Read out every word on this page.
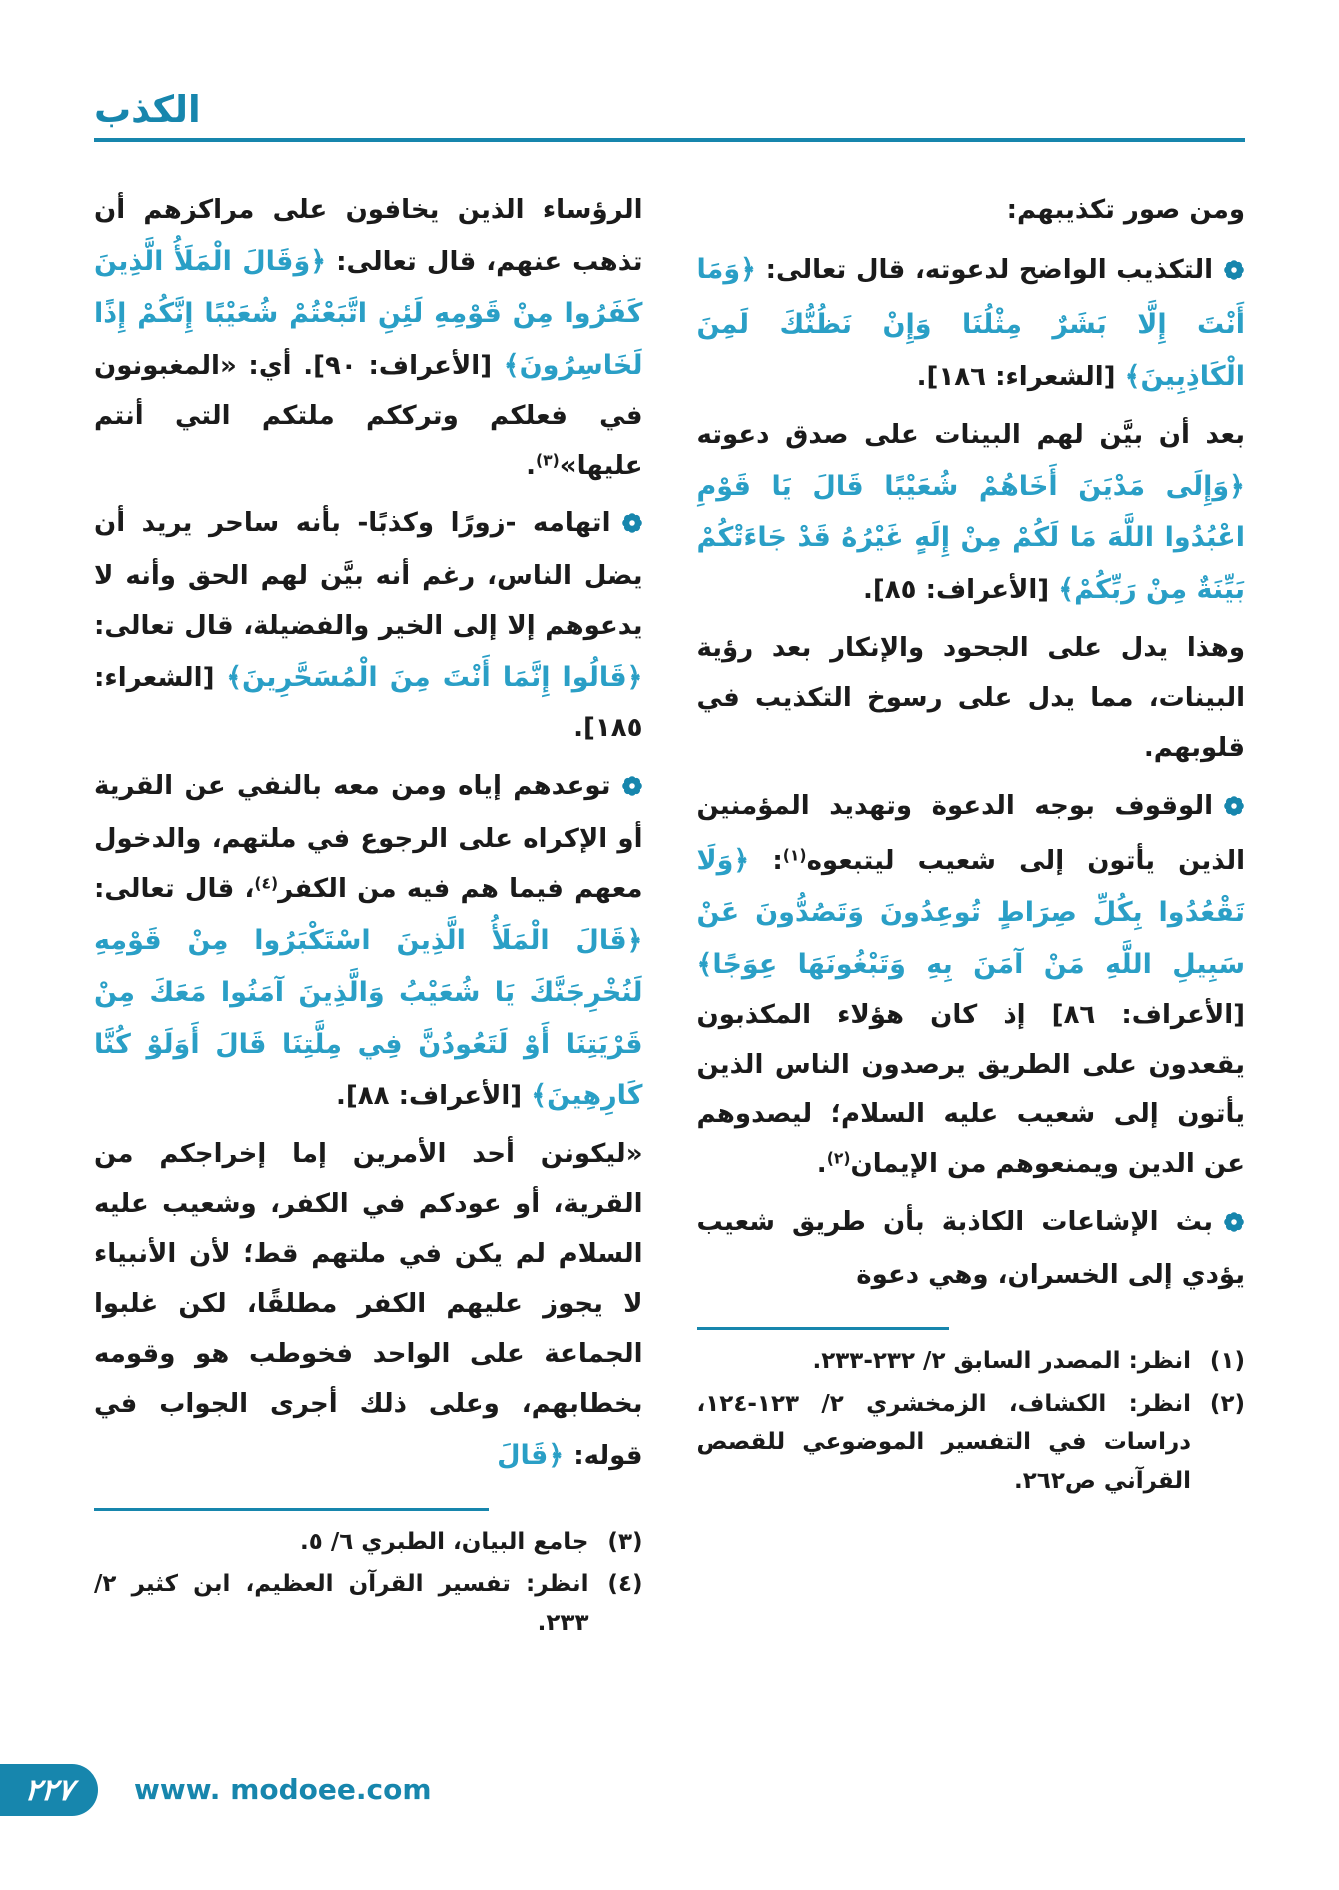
الكذب

ومن صور تكذيبهم:

التكذيب الواضح لدعوته، قال تعالى: ﴿وَمَا أَنْتَ إِلَّا بَشَرٌ مِثْلُنَا وَإِنْ نَظُنُّكَ لَمِنَ الْكَاذِبِينَ﴾ [الشعراء: ١٨٦].

بعد أن بيَّن لهم البينات على صدق دعوته ﴿وَإِلَى مَدْيَنَ أَخَاهُمْ شُعَيْبًا قَالَ يَا قَوْمِ اعْبُدُوا اللَّهَ مَا لَكُمْ مِنْ إِلَهٍ غَيْرُهُ قَدْ جَاءَتْكُمْ بَيِّنَةٌ مِنْ رَبِّكُمْ﴾ [الأعراف: ٨٥].

وهذا يدل على الجحود والإنكار بعد رؤية البينات، مما يدل على رسوخ التكذيب في قلوبهم.

الوقوف بوجه الدعوة وتهديد المؤمنين الذين يأتون إلى شعيب ليتبعوه$^{(١)}$: ﴿وَلَا تَقْعُدُوا بِكُلِّ صِرَاطٍ تُوعِدُونَ وَتَصُدُّونَ عَنْ سَبِيلِ اللَّهِ مَنْ آمَنَ بِهِ وَتَبْغُونَهَا عِوَجًا﴾ [الأعراف: ٨٦] إذ كان هؤلاء المكذبون يقعدون على الطريق يرصدون الناس الذين يأتون إلى شعيب عليه السلام؛ ليصدوهم عن الدين ويمنعوهم من الإيمان$^{(٢)}$.

بث الإشاعات الكاذبة بأن طريق شعيب يؤدي إلى الخسران، وهي دعوة

(١)
انظر: المصدر السابق ٢/ ٢٣٢-٢٣٣.
(٢)
انظر: الكشاف، الزمخشري ٢/ ١٢٣-١٢٤، دراسات في التفسير الموضوعي للقصص القرآني ص٢٦٢.

الرؤساء الذين يخافون على مراكزهم أن تذهب عنهم، قال تعالى: ﴿وَقَالَ الْمَلَأُ الَّذِينَ كَفَرُوا مِنْ قَوْمِهِ لَئِنِ اتَّبَعْتُمْ شُعَيْبًا إِنَّكُمْ إِذًا لَخَاسِرُونَ﴾ [الأعراف: ٩٠]. أي: «المغبونون في فعلكم وترككم ملتكم التي أنتم عليها»$^{(٣)}$.

اتهامه -زورًا وكذبًا- بأنه ساحر يريد أن يضل الناس، رغم أنه بيَّن لهم الحق وأنه لا يدعوهم إلا إلى الخير والفضيلة، قال تعالى: ﴿قَالُوا إِنَّمَا أَنْتَ مِنَ الْمُسَحَّرِينَ﴾ [الشعراء: ١٨٥].

توعدهم إياه ومن معه بالنفي عن القرية أو الإكراه على الرجوع في ملتهم، والدخول معهم فيما هم فيه من الكفر$^{(٤)}$، قال تعالى: ﴿قَالَ الْمَلَأُ الَّذِينَ اسْتَكْبَرُوا مِنْ قَوْمِهِ لَنُخْرِجَنَّكَ يَا شُعَيْبُ وَالَّذِينَ آمَنُوا مَعَكَ مِنْ قَرْيَتِنَا أَوْ لَتَعُودُنَّ فِي مِلَّتِنَا قَالَ أَوَلَوْ كُنَّا كَارِهِينَ﴾ [الأعراف: ٨٨].

«ليكونن أحد الأمرين إما إخراجكم من القرية، أو عودكم في الكفر، وشعيب عليه السلام لم يكن في ملتهم قط؛ لأن الأنبياء لا يجوز عليهم الكفر مطلقًا، لكن غلبوا الجماعة على الواحد فخوطب هو وقومه بخطابهم، وعلى ذلك أجرى الجواب في قوله: ﴿قَالَ

(٣)
جامع البيان، الطبري ٦/ ٥.
(٤)
انظر: تفسير القرآن العظيم، ابن كثير ٢/ ٢٣٣.
٢٢٧ www. modoee.com
